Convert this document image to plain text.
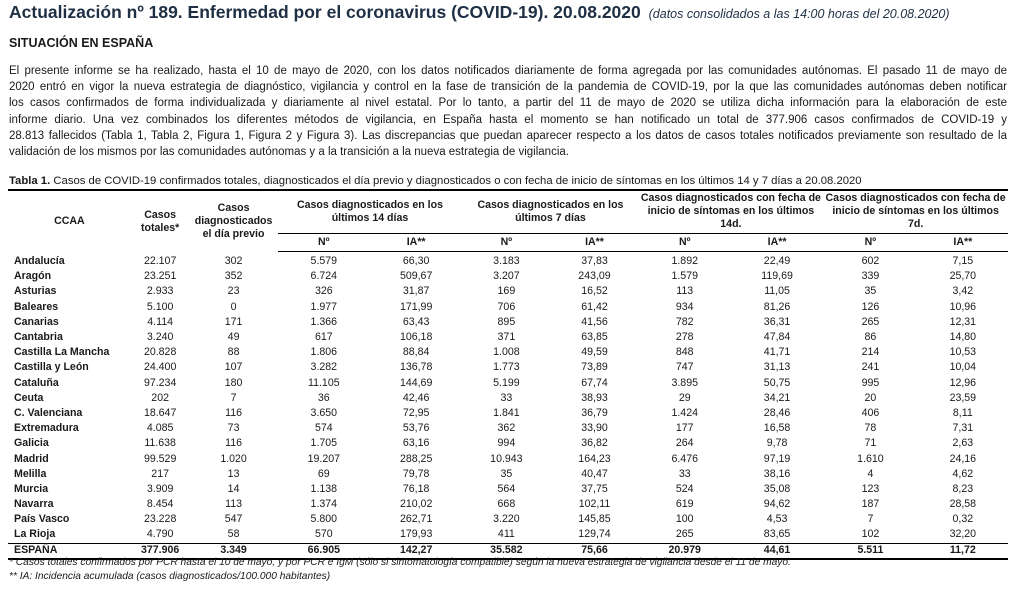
Actualización nº 189. Enfermedad por el coronavirus (COVID-19). 20.08.2020 (datos consolidados a las 14:00 horas del 20.08.2020)
SITUACIÓN EN ESPAÑA
El presente informe se ha realizado, hasta el 10 de mayo de 2020, con los datos notificados diariamente de forma agregada por las comunidades autónomas. El pasado 11 de mayo de
2020 entró en vigor la nueva estrategia de diagnóstico, vigilancia y control en la fase de transición de la pandemia de COVID-19, por la que las comunidades autónomas deben notificar
los casos confirmados de forma individualizada y diariamente al nivel estatal. Por lo tanto, a partir del 11 de mayo de 2020 se utiliza dicha información para la elaboración de este
informe diario. Una vez combinados los diferentes métodos de vigilancia, en España hasta el momento se han notificado un total de 377.906 casos confirmados de COVID-19 y
28.813 fallecidos (Tabla 1, Tabla 2, Figura 1, Figura 2 y Figura 3). Las discrepancias que puedan aparecer respecto a los datos de casos totales notificados previamente son resultado de la
validación de los mismos por las comunidades autónomas y a la transición a la nueva estrategia de vigilancia.
Tabla 1. Casos de COVID-19 confirmados totales, diagnosticados el día previo y diagnosticados o con fecha de inicio de síntomas en los últimos 14 y 7 días a 20.08.2020
CCAA	Casos totales*	Casos diagnosticados el día previo	Casos diagnosticados en los últimos 14 días		Casos diagnosticados en los últimos 7 días		Casos diagnosticados con fecha de inicio de síntomas en los últimos 14d.		Casos diagnosticados con fecha de inicio de síntomas en los últimos 7d.	
			Nº	IA**	Nº	IA**	Nº	IA**	Nº	IA**
Andalucía	22.107	302	5.579	66,30	3.183	37,83	1.892	22,49	602	7,15
Aragón	23.251	352	6.724	509,67	3.207	243,09	1.579	119,69	339	25,70
Asturias	2.933	23	326	31,87	169	16,52	113	11,05	35	3,42
Baleares	5.100	0	1.977	171,99	706	61,42	934	81,26	126	10,96
Canarias	4.114	171	1.366	63,43	895	41,56	782	36,31	265	12,31
Cantabria	3.240	49	617	106,18	371	63,85	278	47,84	86	14,80
Castilla La Mancha	20.828	88	1.806	88,84	1.008	49,59	848	41,71	214	10,53
Castilla y León	24.400	107	3.282	136,78	1.773	73,89	747	31,13	241	10,04
Cataluña	97.234	180	11.105	144,69	5.199	67,74	3.895	50,75	995	12,96
Ceuta	202	7	36	42,46	33	38,93	29	34,21	20	23,59
C. Valenciana	18.647	116	3.650	72,95	1.841	36,79	1.424	28,46	406	8,11
Extremadura	4.085	73	574	53,76	362	33,90	177	16,58	78	7,31
Galicia	11.638	116	1.705	63,16	994	36,82	264	9,78	71	2,63
Madrid	99.529	1.020	19.207	288,25	10.943	164,23	6.476	97,19	1.610	24,16
Melilla	217	13	69	79,78	35	40,47	33	38,16	4	4,62
Murcia	3.909	14	1.138	76,18	564	37,75	524	35,08	123	8,23
Navarra	8.454	113	1.374	210,02	668	102,11	619	94,62	187	28,58
País Vasco	23.228	547	5.800	262,71	3.220	145,85	100	4,53	7	0,32
La Rioja	4.790	58	570	179,93	411	129,74	265	83,65	102	32,20
ESPAÑA	377.906	3.349	66.905	142,27	35.582	75,66	20.979	44,61	5.511	11,72
* Casos totales confirmados por PCR hasta el 10 de mayo, y por PCR e IgM (sólo si sintomatología compatible) según la nueva estrategia de vigilancia desde el 11 de mayo.
** IA: Incidencia acumulada (casos diagnosticados/100.000 habitantes)
